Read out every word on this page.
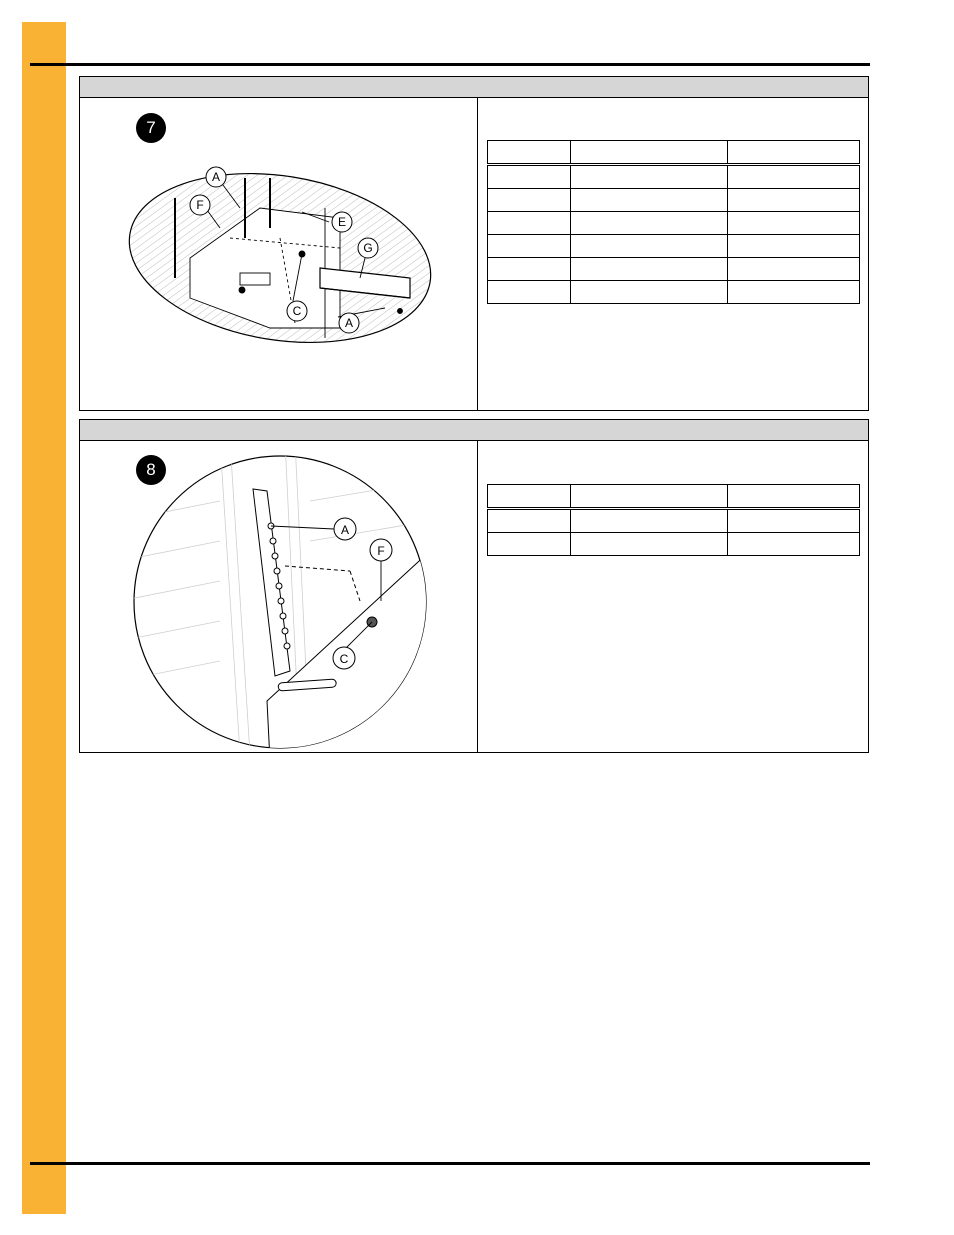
7
A
F
E
G
C
A

8
A
F
C
